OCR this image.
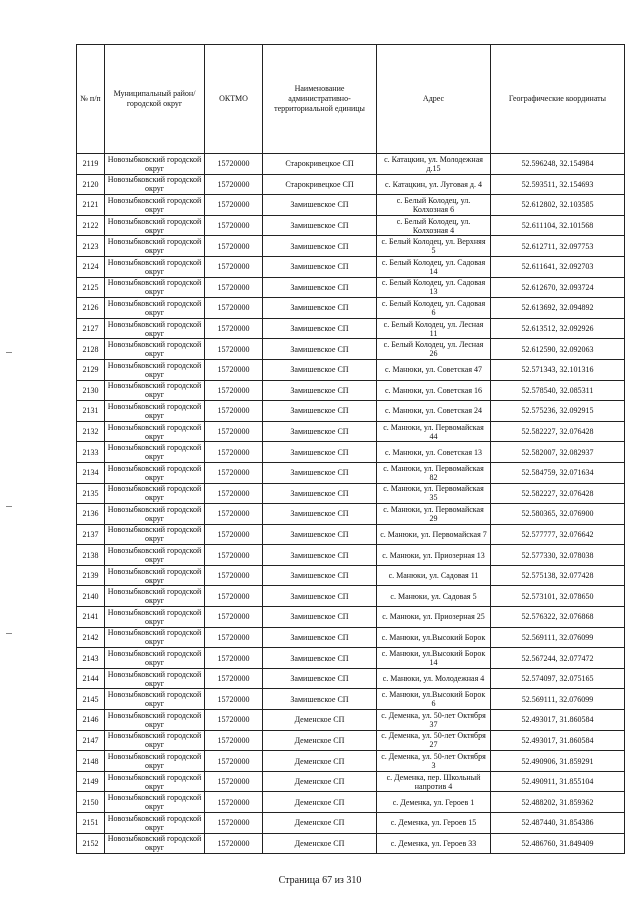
№ п/п	Муниципальный район/городской округ	ОКТМО	Наименование административно-территориальной единицы	Адрес	Географические координаты
2119	Новозыбковский городской округ	15720000	Старокривецкое СП	с. Катацкин, ул. Молодежная д.15	52.596248, 32.154984
2120	Новозыбковский городской округ	15720000	Старокривецкое СП	с. Катацкин, ул. Луговая д. 4	52.593511, 32.154693
2121	Новозыбковский городской округ	15720000	Замишевское СП	с. Белый Колодец, ул. Колхозная 6	52.612802, 32.103585
2122	Новозыбковский городской округ	15720000	Замишевское СП	с. Белый Колодец, ул. Колхозная 4	52.611104, 32.101568
2123	Новозыбковский городской округ	15720000	Замишевское СП	с. Белый Колодец, ул. Верхняя 5	52.612711, 32.097753
2124	Новозыбковский городской округ	15720000	Замишевское СП	с. Белый Колодец, ул. Садовая 14	52.611641, 32.092703
2125	Новозыбковский городской округ	15720000	Замишевское СП	с. Белый Колодец, ул. Садовая 13	52.612670, 32.093724
2126	Новозыбковский городской округ	15720000	Замишевское СП	с. Белый Колодец, ул. Садовая 6	52.613692, 32.094892
2127	Новозыбковский городской округ	15720000	Замишевское СП	с. Белый Колодец, ул. Лесная 11	52.613512, 32.092926
2128	Новозыбковский городской округ	15720000	Замишевское СП	с. Белый Колодец, ул. Лесная 26	52.612590, 32.092063
2129	Новозыбковский городской округ	15720000	Замишевское СП	с. Манюки, ул. Советская 47	52.571343, 32.101316
2130	Новозыбковский городской округ	15720000	Замишевское СП	с. Манюки, ул. Советская 16	52.578540, 32.085311
2131	Новозыбковский городской округ	15720000	Замишевское СП	с. Манюки, ул. Советская 24	52.575236, 32.092915
2132	Новозыбковский городской округ	15720000	Замишевское СП	с. Манюки, ул. Первомайская 44	52.582227, 32.076428
2133	Новозыбковский городской округ	15720000	Замишевское СП	с. Манюки, ул. Советская 13	52.582007, 32.082937
2134	Новозыбковский городской округ	15720000	Замишевское СП	с. Манюки, ул. Первомайская 82	52.584759, 32.071634
2135	Новозыбковский городской округ	15720000	Замишевское СП	с. Манюки, ул. Первомайская 35	52.582227, 32.076428
2136	Новозыбковский городской округ	15720000	Замишевское СП	с. Манюки, ул. Первомайская 29	52.580365, 32.076900
2137	Новозыбковский городской округ	15720000	Замишевское СП	с. Манюки, ул. Первомайская 7	52.577777, 32.076642
2138	Новозыбковский городской округ	15720000	Замишевское СП	с. Манюки, ул. Приозерная 13	52.577330, 32.078038
2139	Новозыбковский городской округ	15720000	Замишевское СП	с. Манюки, ул. Садовая 11	52.575138, 32.077428
2140	Новозыбковский городской округ	15720000	Замишевское СП	с. Манюки, ул. Садовая 5	52.573101, 32.078650
2141	Новозыбковский городской округ	15720000	Замишевское СП	с. Манюки, ул. Приозерная 25	52.576322, 32.076868
2142	Новозыбковский городской округ	15720000	Замишевское СП	с. Манюки, ул.Высокий Борок	52.569111, 32.076099
2143	Новозыбковский городской округ	15720000	Замишевское СП	с. Манюки, ул.Высокий Борок 14	52.567244, 32.077472
2144	Новозыбковский городской округ	15720000	Замишевское СП	с. Манюки, ул. Молодежная 4	52.574097, 32.075165
2145	Новозыбковский городской округ	15720000	Замишевское СП	с. Манюки, ул.Высокий Борок 6	52.569111, 32.076099
2146	Новозыбковский городской округ	15720000	Деменское СП	с. Деменка, ул. 50-лет Октября 37	52.493017, 31.860584
2147	Новозыбковский городской округ	15720000	Деменское СП	с. Деменка, ул. 50-лет Октября 27	52.493017, 31.860584
2148	Новозыбковский городской округ	15720000	Деменское СП	с. Деменка, ул. 50-лет Октября 3	52.490906, 31.859291
2149	Новозыбковский городской округ	15720000	Деменское СП	с. Деменка, пер. Школьный напротив 4	52.490911, 31.855104
2150	Новозыбковский городской округ	15720000	Деменское СП	с. Деменка, ул. Героев 1	52.488202, 31.859362
2151	Новозыбковский городской округ	15720000	Деменское СП	с. Деменка, ул. Героев 15	52.487440, 31.854386
2152	Новозыбковский городской округ	15720000	Деменское СП	с. Деменка, ул. Героев 33	52.486760, 31.849409
Страница 67 из 310
